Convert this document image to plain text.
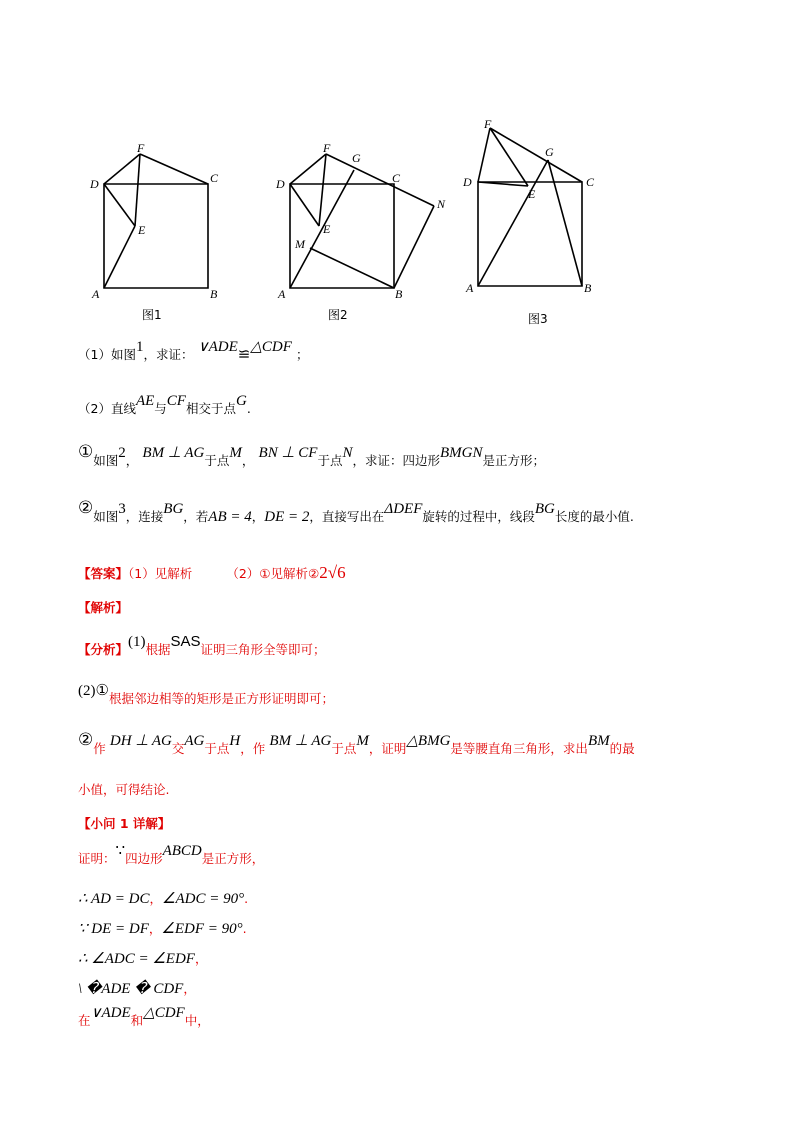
F
D	C
E
A	B
图1
F
G
D	C
N
M
E
A	B
图2
F
G
D
E
C
A	B
图3
（1）如图1，求证： ∨ADE≌△CDF ；
（2）直线AE与CF相交于点G.
①如图2， BM ⊥ AG于点M， BN ⊥ CF于点N，求证：四边形BMGN是正方形；
②如图3，连接BG，若AB = 4，DE = 2，直接写出在ΔDEF旋转的过程中，线段BG长度的最小值.
【答案】（1）见解析	（2）①见解析②2√6
【解析】
【分析】(1)根据SAS证明三角形全等即可；
(2)①根据邻边相等的矩形是正方形证明即可；
②作 DH ⊥ AG交AG于点H，作 BM ⊥ AG于点M，证明△BMG是等腰直角三角形，求出BM的最
小值，可得结论.
【小问 1 详解】
证明：∵四边形ABCD是正方形，
∴ AD = DC，∠ADC = 90°.
∵ DE = DF，∠EDF = 90°.
∴ ∠ADC = ∠EDF，
\ �ADE � CDF，
在∨ADE和△CDF中，
